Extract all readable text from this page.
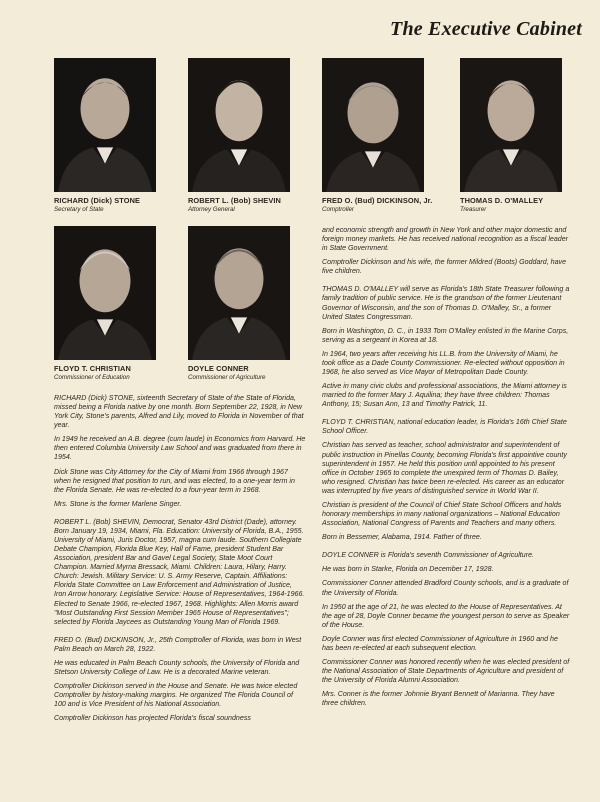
The Executive Cabinet
RICHARD (Dick) STONE
Secretary of State
ROBERT L. (Bob) SHEVIN
Attorney General
FRED O. (Bud) DICKINSON, Jr.
Comptroller
THOMAS D. O'MALLEY
Treasurer
FLOYD T. CHRISTIAN
Commissioner of Education
DOYLE CONNER
Commissioner of Agriculture

RICHARD (Dick) STONE, sixteenth Secretary of State of the State of Florida, missed being a Florida native by one month. Born September 22, 1928, in New York City, Stone's parents, Alfred and Lily, moved to Florida in November of that year.

In 1949 he received an A.B. degree (cum laude) in Economics from Harvard. He then entered Columbia University Law School and was graduated from there in 1954.

Dick Stone was City Attorney for the City of Miami from 1966 through 1967 when he resigned that position to run, and was elected, to a one-year term in the Florida Senate. He was re-elected to a four-year term in 1968.

Mrs. Stone is the former Marlene Singer.

ROBERT L. (Bob) SHEVIN, Democrat, Senator 43rd District (Dade), attorney. Born January 19, 1934, Miami, Fla. Education: University of Florida, B.A., 1955. University of Miami, Juris Doctor, 1957, magna cum laude. Southern Collegiate Debate Champion, Florida Blue Key, Hall of Fame, president Student Bar Association, president Bar and Gavel Legal Society, State Moot Court Champion. Married Myrna Bressack, Miami. Children: Laura, Hilary, Harry. Church: Jewish. Military Service: U. S. Army Reserve, Captain. Affiliations: Florida State Committee on Law Enforcement and Administration of Justice, Iron Arrow honorary. Legislative Service: House of Representatives, 1964-1966. Elected to Senate 1966, re-elected 1967, 1968. Highlights: Allen Morris award "Most Outstanding First Session Member 1965 House of Representatives"; selected by Florida Jaycees as Outstanding Young Man of Florida 1969.

FRED O. (Bud) DICKINSON, Jr., 25th Comptroller of Florida, was born in West Palm Beach on March 28, 1922.

He was educated in Palm Beach County schools, the University of Florida and Stetson University College of Law. He is a decorated Marine veteran.

Comptroller Dickinson served in the House and Senate. He was twice elected Comptroller by history-making margins. He organized The Florida Council of 100 and is Vice President of his National Association.

Comptroller Dickinson has projected Florida's fiscal soundness

and economic strength and growth in New York and other major domestic and foreign money markets. He has received national recognition as a fiscal leader in State Government.

Comptroller Dickinson and his wife, the former Mildred (Boots) Goddard, have five children.

THOMAS D. O'MALLEY will serve as Florida's 18th State Treasurer following a family tradition of public service. He is the grandson of the former Lieutenant Governor of Wisconsin, and the son of Thomas D. O'Malley, Sr., a former United States Congressman.

Born in Washington, D. C., in 1933 Tom O'Malley enlisted in the Marine Corps, serving as a sergeant in Korea at 18.

In 1964, two years after receiving his LL.B. from the University of Miami, he took office as a Dade County Commissioner. Re-elected without opposition in 1968, he also served as Vice Mayor of Metropolitan Dade County.

Active in many civic clubs and professional associations, the Miami attorney is married to the former Mary J. Aquilina; they have three children: Thomas Anthony, 15; Susan Ann, 13 and Timothy Patrick, 11.

FLOYD T. CHRISTIAN, national education leader, is Florida's 16th Chief State School Officer.

Christian has served as teacher, school administrator and superintendent of public instruction in Pinellas County, becoming Florida's first appointive county superintendent in 1957. He held this position until appointed to his present office in October 1965 to complete the unexpired term of Thomas D. Bailey, who resigned. Christian has twice been re-elected. His career as an educator was interrupted by five years of distinguished service in World War II.

Christian is president of the Council of Chief State School Officers and holds honorary memberships in many national organizations – National Education Association, National Congress of Parents and Teachers and many others.

Born in Bessemer, Alabama, 1914. Father of three.

DOYLE CONNER is Florida's seventh Commissioner of Agriculture.

He was born in Starke, Florida on December 17, 1928.

Commissioner Conner attended Bradford County schools, and is a graduate of the University of Florida.

In 1950 at the age of 21, he was elected to the House of Representatives. At the age of 28, Doyle Conner became the youngest person to serve as Speaker of the House.

Doyle Conner was first elected Commissioner of Agriculture in 1960 and he has been re-elected at each subsequent election.

Commissioner Conner was honored recently when he was elected president of the National Association of State Departments of Agriculture and president of the University of Florida Alumni Association.

Mrs. Conner is the former Johnnie Bryant Bennett of Marianna. They have three children.
